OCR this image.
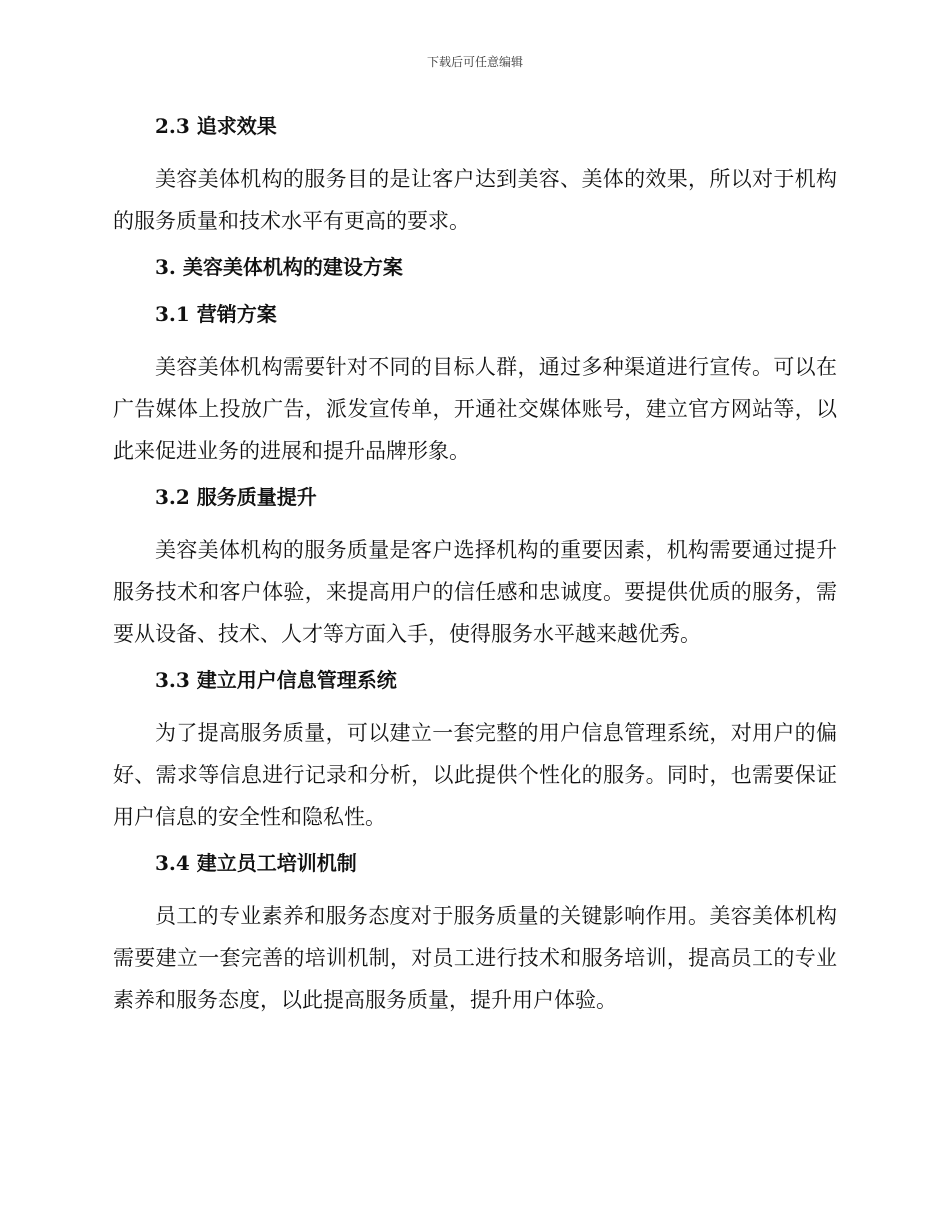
下载后可任意编辑
2.3 追求效果

美容美体机构的服务目的是让客户达到美容、美体的效果，所以对于机构的服务质量和技术水平有更高的要求。

3. 美容美体机构的建设方案
3.1 营销方案

美容美体机构需要针对不同的目标人群，通过多种渠道进行宣传。可以在广告媒体上投放广告，派发宣传单，开通社交媒体账号，建立官方网站等，以此来促进业务的进展和提升品牌形象。

3.2 服务质量提升

美容美体机构的服务质量是客户选择机构的重要因素，机构需要通过提升服务技术和客户体验，来提高用户的信任感和忠诚度。要提供优质的服务，需要从设备、技术、人才等方面入手，使得服务水平越来越优秀。

3.3 建立用户信息管理系统

为了提高服务质量，可以建立一套完整的用户信息管理系统，对用户的偏好、需求等信息进行记录和分析，以此提供个性化的服务。同时，也需要保证用户信息的安全性和隐私性。

3.4 建立员工培训机制

员工的专业素养和服务态度对于服务质量的关键影响作用。美容美体机构需要建立一套完善的培训机制，对员工进行技术和服务培训，提高员工的专业素养和服务态度，以此提高服务质量，提升用户体验。
